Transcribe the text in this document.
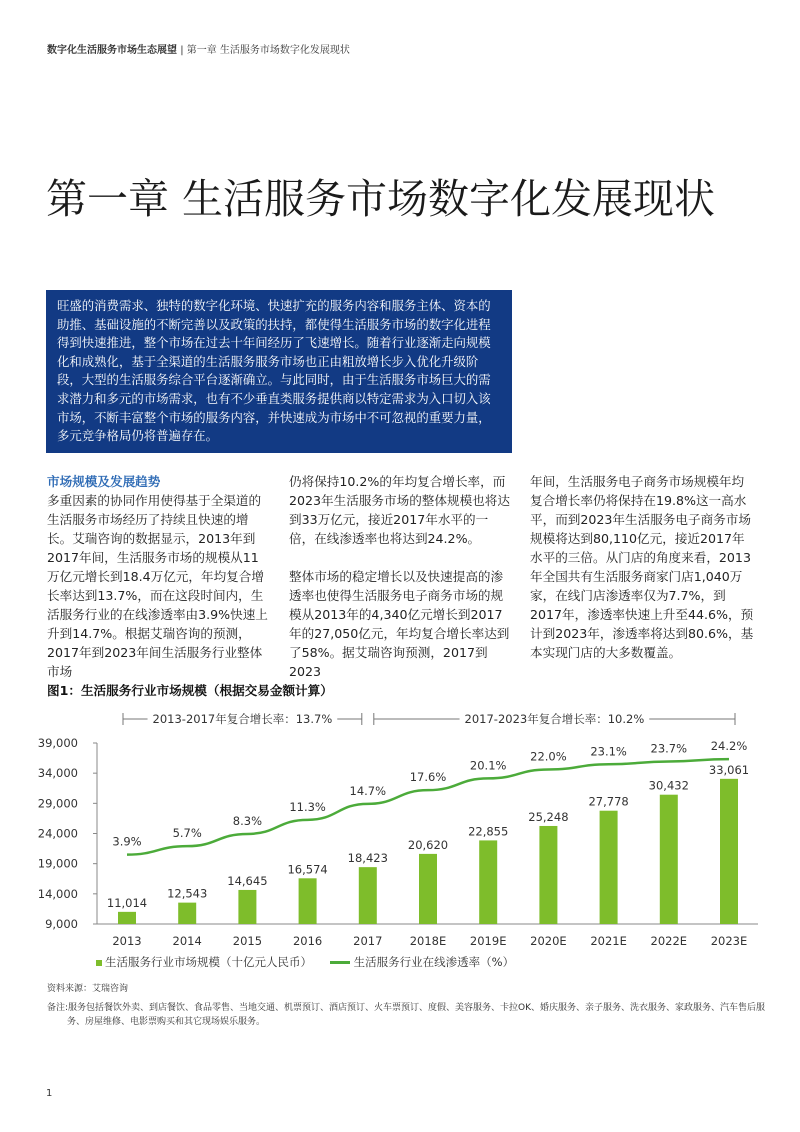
数字化生活服务市场生态展望 | 第一章 生活服务市场数字化发展现状
第一章 生活服务市场数字化发展现状
旺盛的消费需求、独特的数字化环境、快速扩充的服务内容和服务主体、资本的助推、基础设施的不断完善以及政策的扶持，都使得生活服务市场的数字化进程得到快速推进，整个市场在过去十年间经历了飞速增长。随着行业逐渐走向规模化和成熟化，基于全渠道的生活服务服务市场也正由粗放增长步入优化升级阶段，大型的生活服务综合平台逐渐确立。与此同时，由于生活服务市场巨大的需求潜力和多元的市场需求，也有不少垂直类服务提供商以特定需求为入口切入该市场，不断丰富整个市场的服务内容，并快速成为市场中不可忽视的重要力量，多元竞争格局仍将普遍存在。
市场规模及发展趋势

多重因素的协同作用使得基于全渠道的生活服务市场经历了持续且快速的增长。艾瑞咨询的数据显示，2013年到2017年间，生活服务市场的规模从11万亿元增长到18.4万亿元，年均复合增长率达到13.7%，而在这段时间内，生活服务行业的在线渗透率由3.9%快速上升到14.7%。根据艾瑞咨询的预测，2017年到2023年间生活服务行业整体市场

仍将保持10.2%的年均复合增长率，而2023年生活服务市场的整体规模也将达到33万亿元，接近2017年水平的一倍，在线渗透率也将达到24.2%。

整体市场的稳定增长以及快速提高的渗透率也使得生活服务电子商务市场的规模从2013年的4,340亿元增长到2017年的27,050亿元，年均复合增长率达到了58%。据艾瑞咨询预测，2017到2023

年间，生活服务电子商务市场规模年均复合增长率仍将保持在19.8%这一高水平，而到2023年生活服务电子商务市场规模将达到80,110亿元，接近2017年水平的三倍。从门店的角度来看，2013年全国共有生活服务商家门店1,040万家，在线门店渗透率仅为7.7%，到2017年，渗透率快速上升至44.6%，预计到2023年，渗透率将达到80.6%，基本实现门店的大多数覆盖。

图1：生活服务行业市场规模（根据交易金额计算）
39,000
34,000
29,000
24,000
19,000
14,000
9,000
11,014
12,543
14,645
16,574
18,423
20,620
22,855
25,248
27,778
30,432
33,061
2013	2014	2015	2016	2017 2018E 2019E 2020E 2021E 2022E 2023E
3.9%
5.7%
8.3%
11.3%
14.7%
17.6%
20.1%
22.0% 23.1% 23.7% 24.2%
2013-2017年复合增长率：13.7%	2017-2023年复合增长率：10.2%
生活服务行业市场规模（十亿元人民币）	生活服务行业在线渗透率（%）
资料来源：艾瑞咨询
备注:服务包括餐饮外卖、到店餐饮、食品零售、当地交通、机票预订、酒店预订、火车票预订、度假、美容服务、卡拉OK、婚庆服务、亲子服务、洗衣服务、家政服务、汽车售后服务、房屋维修、电影票购买和其它现场娱乐服务。
1
